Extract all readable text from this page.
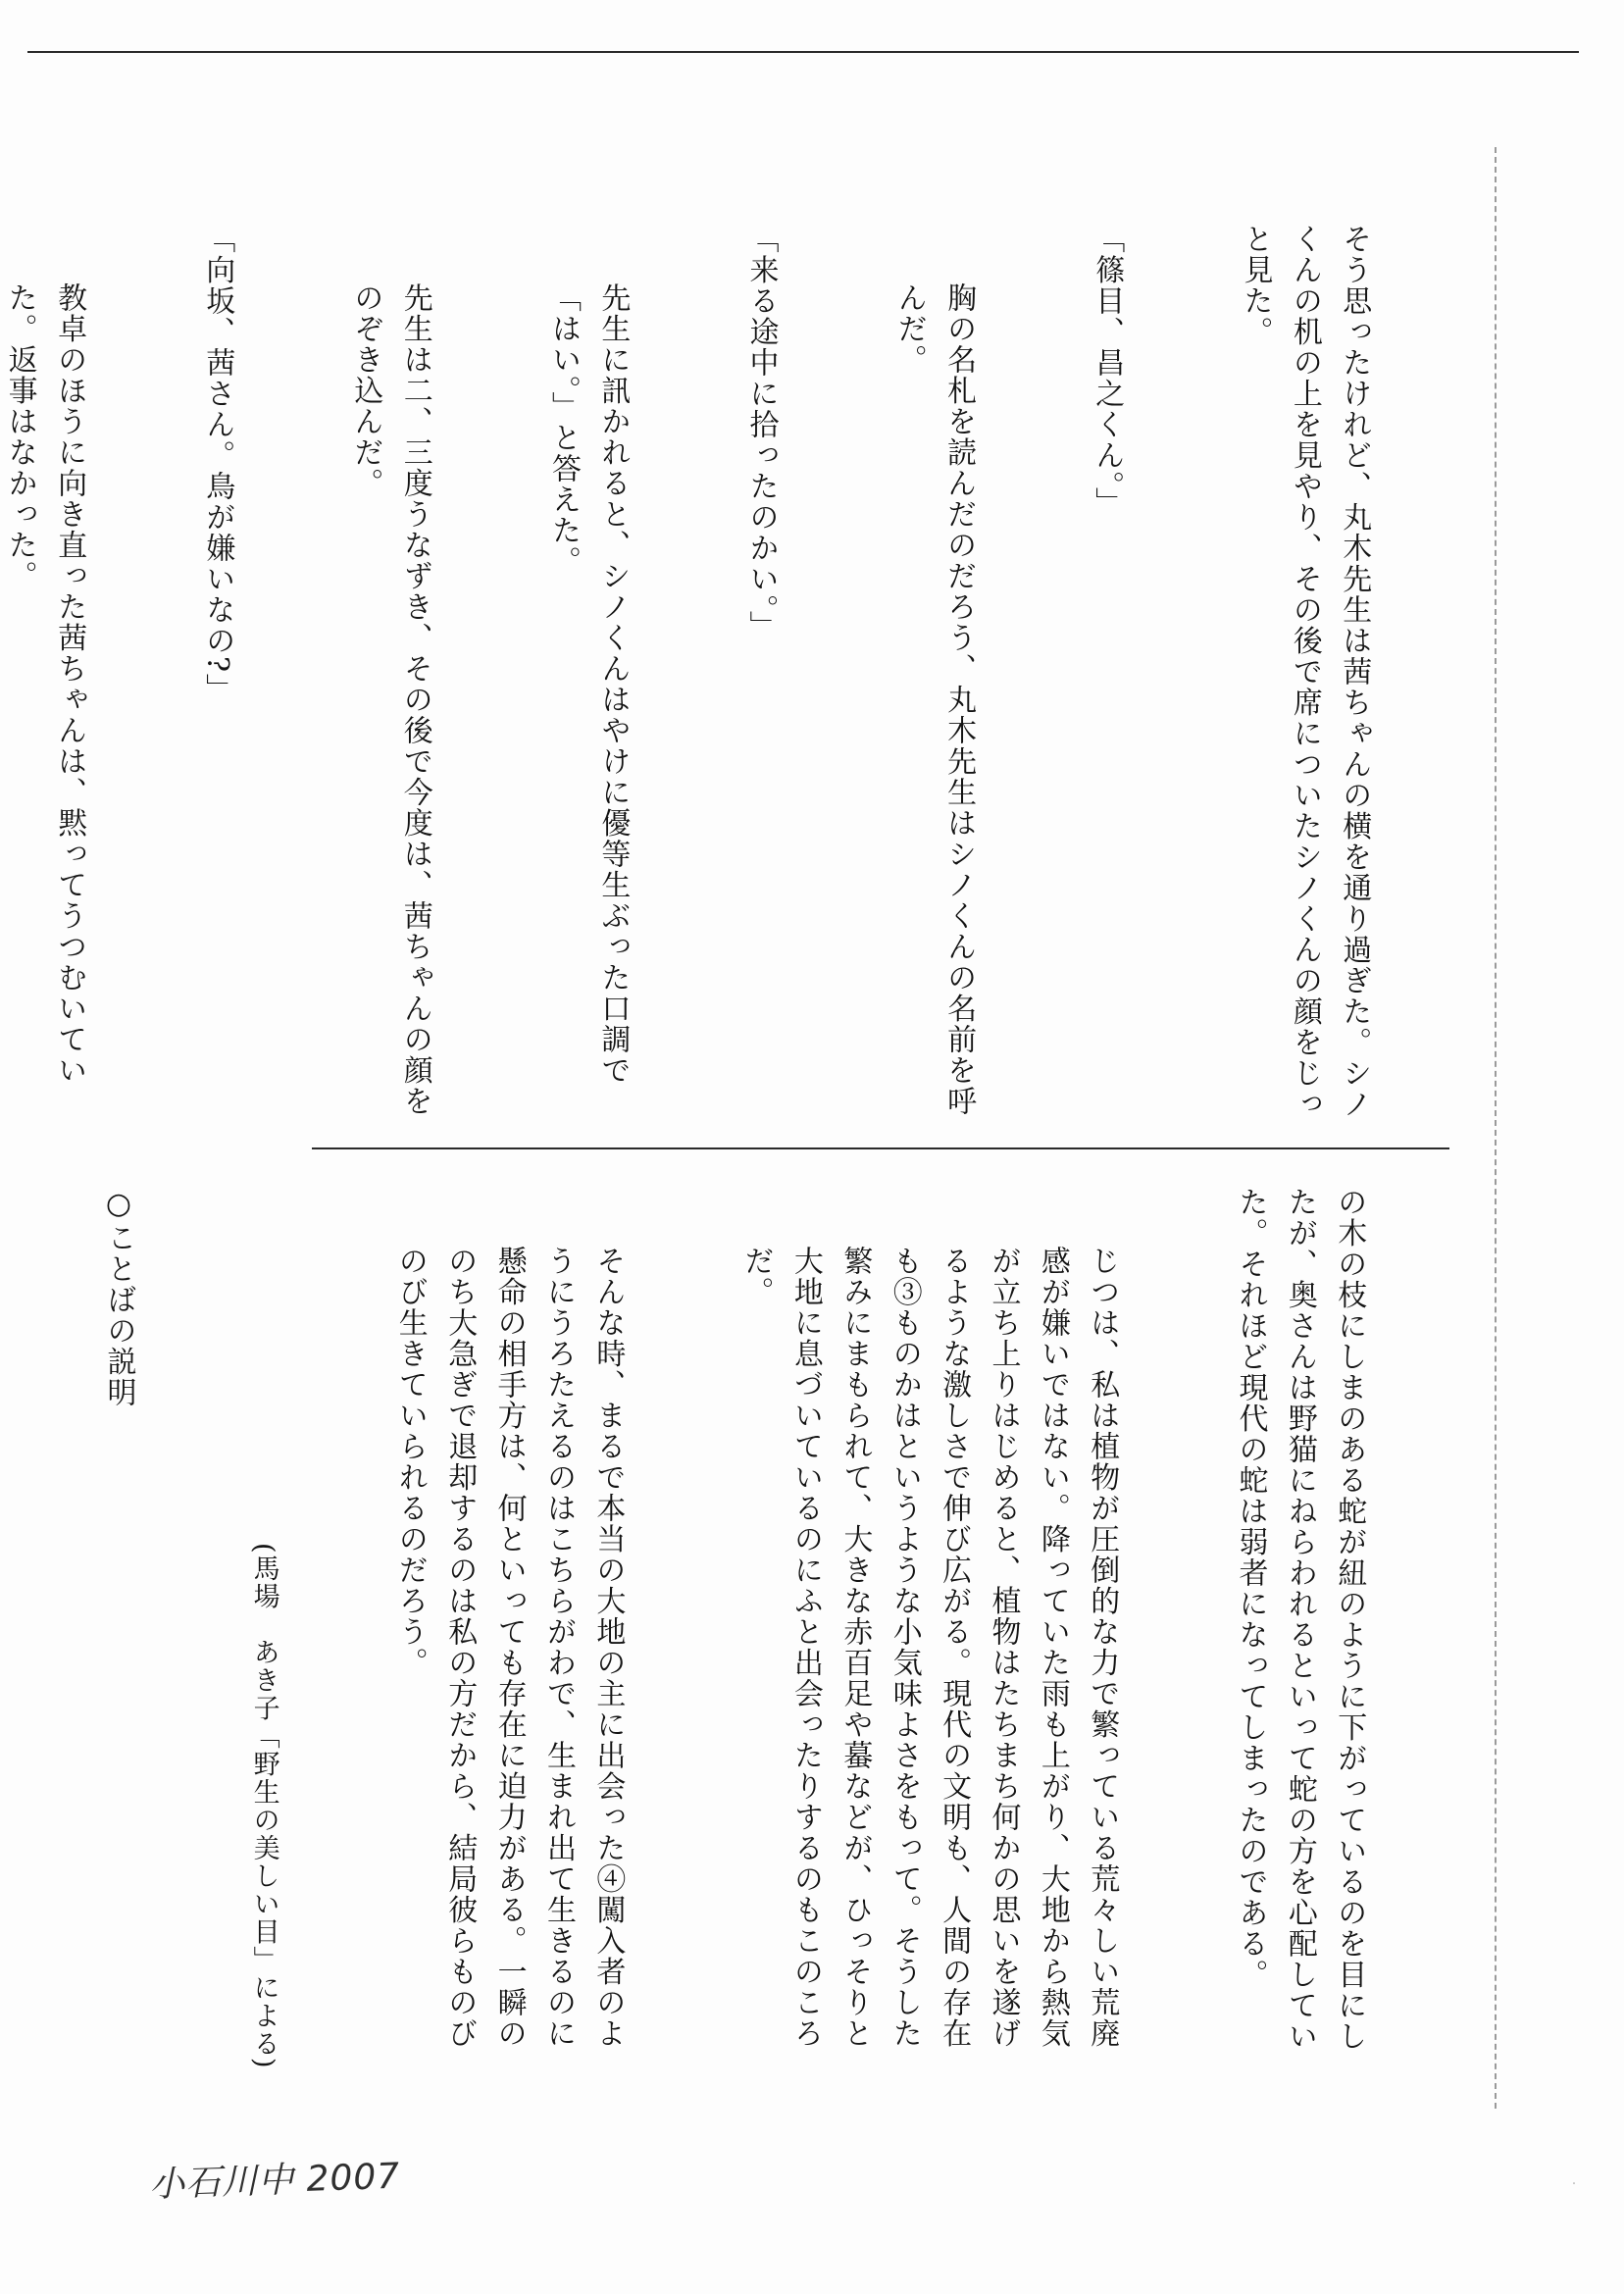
そう思ったけれど、丸木先生は茜ちゃんの横を通り過ぎた。シノくんの机の上を見やり、その後で席についたシノくんの顔をじっと見た。

「篠目、昌之くん。」

胸の名札を読んだのだろう、丸木先生はシノくんの名前を呼んだ。

「来る途中に拾ったのかい。」

先生に訊かれると、シノくんはやけに優等生ぶった口調で「はい。」と答えた。

先生は二、三度うなずき、その後で今度は、茜ちゃんの顔をのぞき込んだ。

「向坂、茜さん。鳥が嫌いなの?」

教卓のほうに向き直った茜ちゃんは、黙ってうつむいていた。返事はなかった。

の木の枝にしまのある蛇が紐のように下がっているのを目にしたが、奥さんは野猫にねらわれるといって蛇の方を心配していた。それほど現代の蛇は弱者になってしまったのである。

じつは、私は植物が圧倒的な力で繁っている荒々しい荒廃感が嫌いではない。降っていた雨も上がり、大地から熱気が立ち上りはじめると、植物はたちまち何かの思いを遂げるような激しさで伸び広がる。現代の文明も、人間の存在も③ものかはというような小気味よさをもって。そうした繁みにまもられて、大きな赤百足や蟇などが、ひっそりと大地に息づいているのにふと出会ったりするのもこのころだ。

そんな時、まるで本当の大地の主に出会った④闖入者のようにうろたえるのはこちらがわで、生まれ出て生きるのに懸命の相手方は、何といっても存在に迫力がある。一瞬ののち大急ぎで退却するのは私の方だから、結局彼らものびのび生きていられるのだろう。

(馬場　あき子「野生の美しい目」による)

○ことばの説明

小石川中 2007	・
